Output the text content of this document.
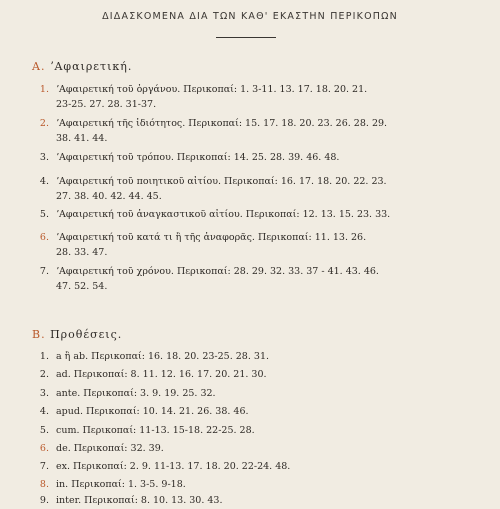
ΔΙΔΑΣΚΟΜΕΝΑ ΔΙΑ ΤΩΝ ΚΑΘ' ΕΚΑΣΤΗΝ ΠΕΡΙΚΟΠΩΝ
Α. ʼΑφαιρετική.
1. ʼΑφαιρετική τοῦ ὀργάνου. Περικοπαί: 1. 3-11. 13. 17. 18. 20. 21.
23-25. 27. 28. 31-37.
2. ʼΑφαιρετική τῆς ἰδιότητος. Περικοπαί: 15. 17. 18. 20. 23. 26. 28. 29.
38. 41. 44.
3. ʼΑφαιρετική τοῦ τρόπου. Περικοπαί: 14. 25. 28. 39. 46. 48.
4. ʼΑφαιρετική τοῦ ποιητικοῦ αἰτίου. Περικοπαί: 16. 17. 18. 20. 22. 23.
27. 38. 40. 42. 44. 45.
5. ʼΑφαιρετική τοῦ ἀναγκαστικοῦ αἰτίου. Περικοπαί: 12. 13. 15. 23. 33.
6. ʼΑφαιρετική τοῦ κατά τι ἢ τῆς ἀναφορᾶς. Περικοπαί: 11. 13. 26.
28. 33. 47.
7. ʼΑφαιρετική τοῦ χρόνου. Περικοπαί: 28. 29. 32. 33. 37 - 41. 43. 46.
47. 52. 54.
Β. Προθέσεις.
1. a ἢ ab. Περικοπαί: 16. 18. 20. 23-25. 28. 31.
2. ad. Περικοπαί: 8. 11. 12. 16. 17. 20. 21. 30.
3. ante. Περικοπαί: 3. 9. 19. 25. 32.
4. apud. Περικοπαί: 10. 14. 21. 26. 38. 46.
5. cum. Περικοπαί: 11-13. 15-18. 22-25. 28.
6. de. Περικοπαί: 32. 39.
7. ex. Περικοπαί: 2. 9. 11-13. 17. 18. 20. 22-24. 48.
8. in. Περικοπαί: 1. 3-5. 9-18.
9. inter. Περικοπαί: 8. 10. 13. 30. 43.
